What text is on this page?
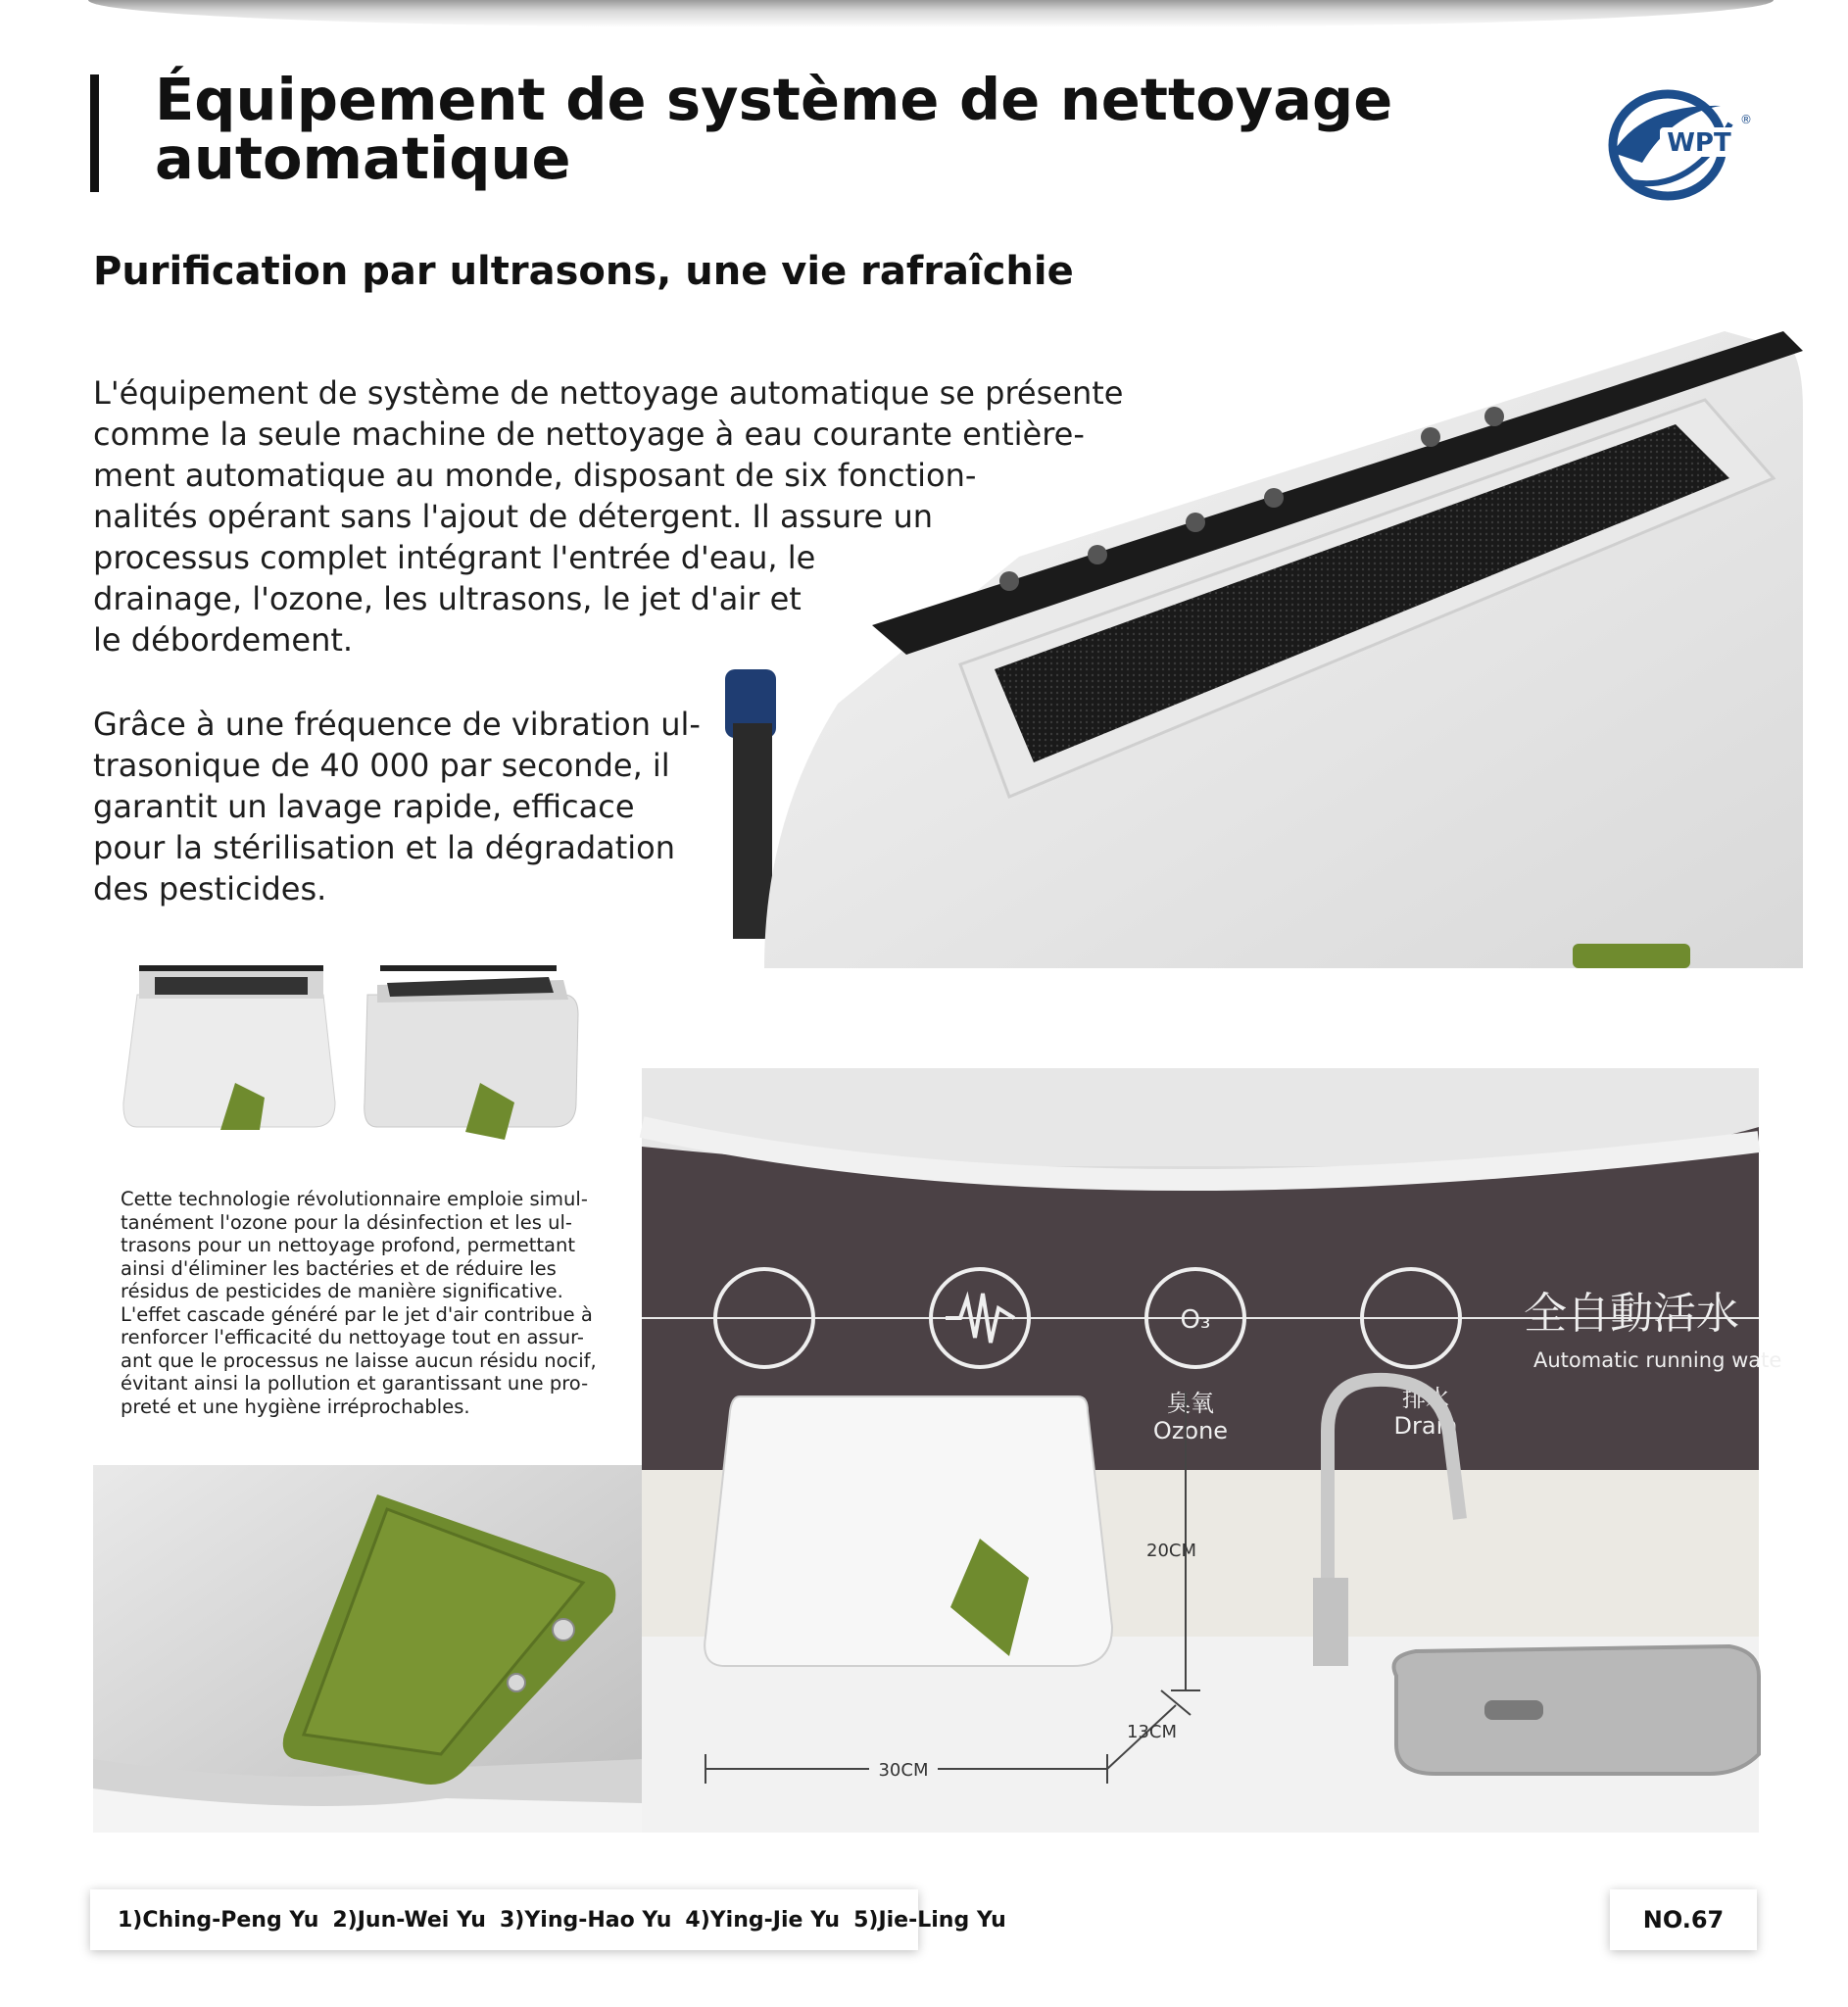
Équipement de système de nettoyage
automatique	WPT
®
Purification par ultrasons, une vie rafraîchie
L'équipement de système de nettoyage automatique se présente
comme la seule machine de nettoyage à eau courante entière-
ment automatique au monde, disposant de six fonction-
nalités opérant sans l'ajout de détergent. Il assure un
processus complet intégrant l'entrée d'eau, le
drainage, l'ozone, les ultrasons, le jet d'air et
le débordement.
Grâce à une fréquence de vibration ul-
trasonique de 40 000 par seconde, il
garantit un lavage rapide, efficace
pour la stérilisation et la dégradation
des pesticides.
Cette technologie révolutionnaire emploie simul-
tanément l'ozone pour la désinfection et les ul-
trasons pour un nettoyage profond, permettant
ainsi d'éliminer les bactéries et de réduire les
résidus de pesticides de manière significative.
L'effet cascade généré par le jet d'air contribue à
renforcer l'efficacité du nettoyage tout en assur-
ant que le processus ne laisse aucun résidu nocif,
évitant ainsi la pollution et garantissant une pro-
preté et une hygiène irréprochables.
O₃	全自動活水
Automatic running wate
臭氧
Ozone
排水
Drain
20CM
13CM
30CM
1)Ching-Peng Yu 2)Jun-Wei Yu 3)Ying-Hao Yu 4)Ying-Jie Yu 5)Jie-Ling Yu	NO.67
